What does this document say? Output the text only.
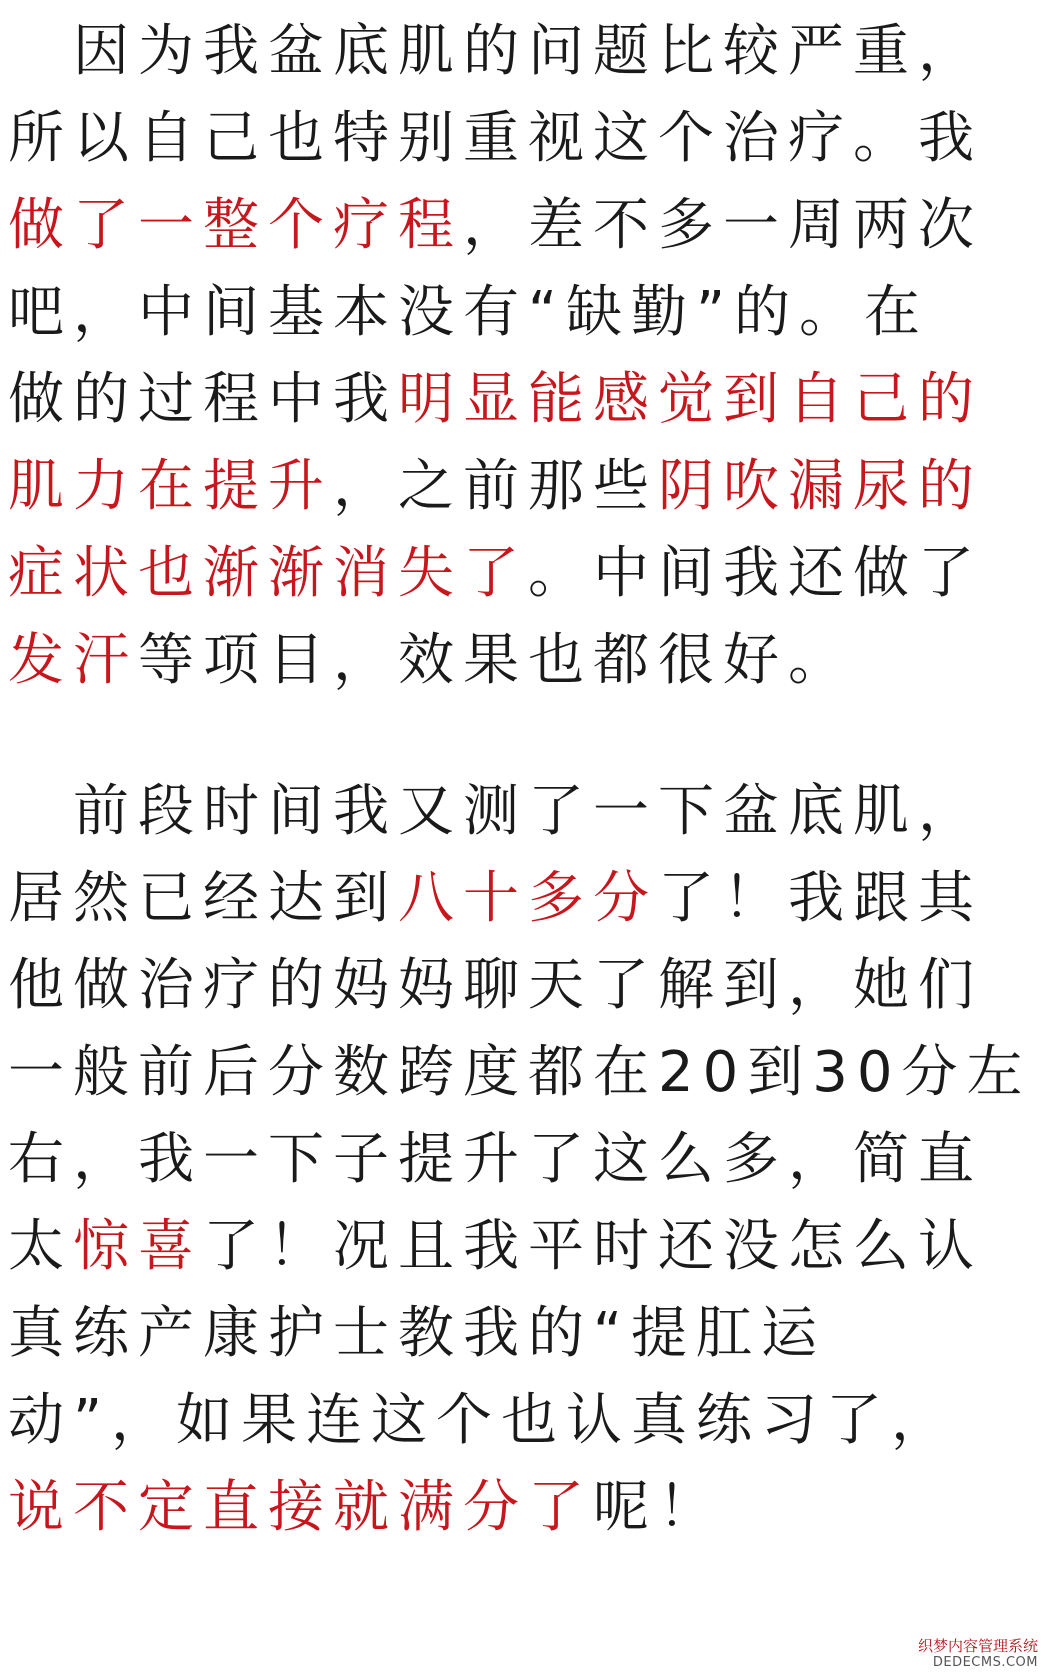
　因为我盆底肌的问题比较严重，
所以自己也特别重视这个治疗。我
做了一整个疗程，差不多一周两次
吧，中间基本没有“缺勤”的。在
做的过程中我明显能感觉到自己的
肌力在提升，之前那些阴吹漏尿的
症状也渐渐消失了。中间我还做了
发汗等项目，效果也都很好。
　前段时间我又测了一下盆底肌，
居然已经达到八十多分了！我跟其
他做治疗的妈妈聊天了解到，她们
一般前后分数跨度都在20到30分左
右，我一下子提升了这么多，简直
太惊喜了！况且我平时还没怎么认
真练产康护士教我的“提肛运
动”，如果连这个也认真练习了，
说不定直接就满分了呢！
织梦内容管理系统
DEDECMS.COM
